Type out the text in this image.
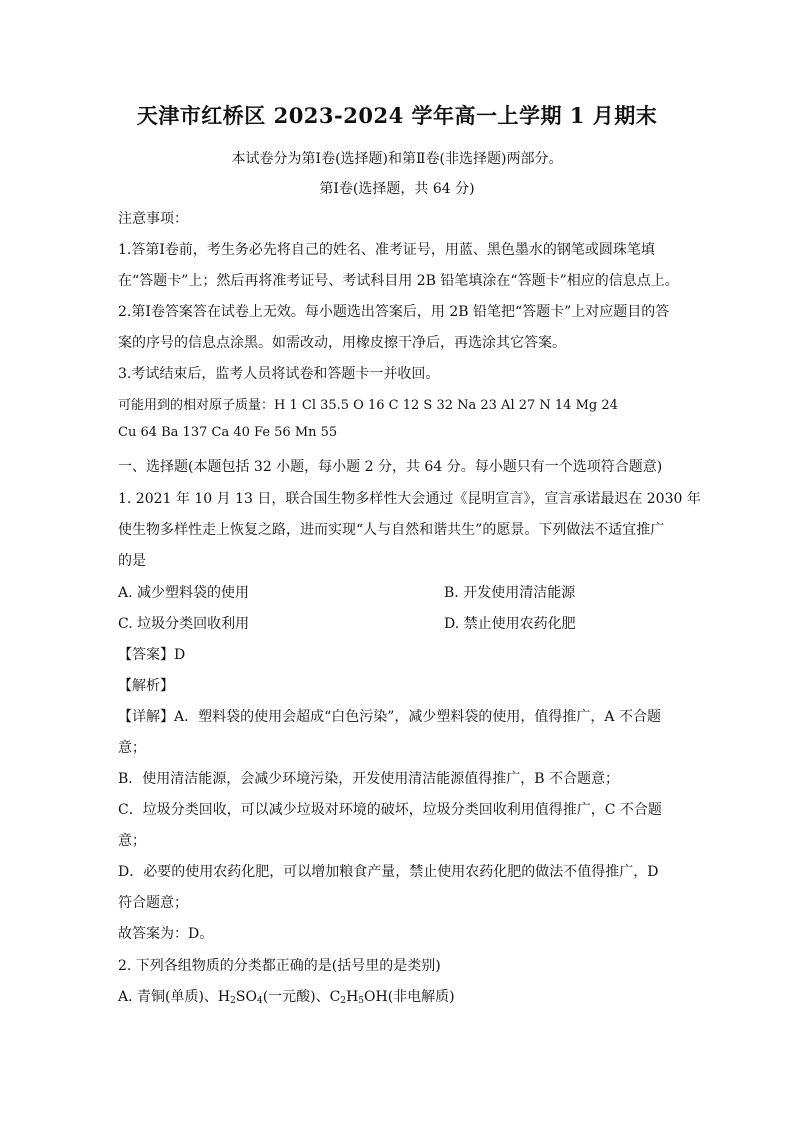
天津市红桥区 2023-2024 学年高一上学期 1 月期末
本试卷分为第Ⅰ卷(选择题)和第Ⅱ卷(非选择题)两部分。
第Ⅰ卷(选择题，共 64 分)
注意事项：
1.答第Ⅰ卷前，考生务必先将自己的姓名、准考证号，用蓝、黑色墨水的钢笔或圆珠笔填
在“答题卡”上；然后再将准考证号、考试科目用 2B 铅笔填涂在“答题卡”相应的信息点上。
2.第Ⅰ卷答案答在试卷上无效。每小题选出答案后，用 2B 铅笔把“答题卡”上对应题目的答
案的序号的信息点涂黑。如需改动，用橡皮擦干净后，再选涂其它答案。
3.考试结束后，监考人员将试卷和答题卡一并收回。
可能用到的相对原子质量：H 1 Cl 35.5 O 16 C 12 S 32 Na 23 Al 27 N 14 Mg 24
Cu 64 Ba 137 Ca 40 Fe 56 Mn 55
一、选择题(本题包括 32 小题，每小题 2 分，共 64 分。每小题只有一个选项符合题意)
1. 2021 年 10 月 13 日，联合国生物多样性大会通过《昆明宣言》，宣言承诺最迟在 2030 年
使生物多样性走上恢复之路，进而实现“人与自然和谐共生”的愿景。下列做法不适宜推广
的是
A. 减少塑料袋的使用	B. 开发使用清洁能源
C. 垃圾分类回收利用	D. 禁止使用农药化肥
【答案】D
【解析】
【详解】A．塑料袋的使用会超成“白色污染”，减少塑料袋的使用，值得推广，A 不合题
意；
B．使用清洁能源，会减少环境污染，开发使用清洁能源值得推广，B 不合题意；
C．垃圾分类回收，可以减少垃圾对环境的破坏，垃圾分类回收利用值得推广，C 不合题
意；
D．必要的使用农药化肥，可以增加粮食产量，禁止使用农药化肥的做法不值得推广，D
符合题意；
故答案为：D。
2. 下列各组物质的分类都正确的是(括号里的是类别)
A. 青铜(单质)、$H_2SO_4$(一元酸)、$C_2H_5OH$(非电解质)
